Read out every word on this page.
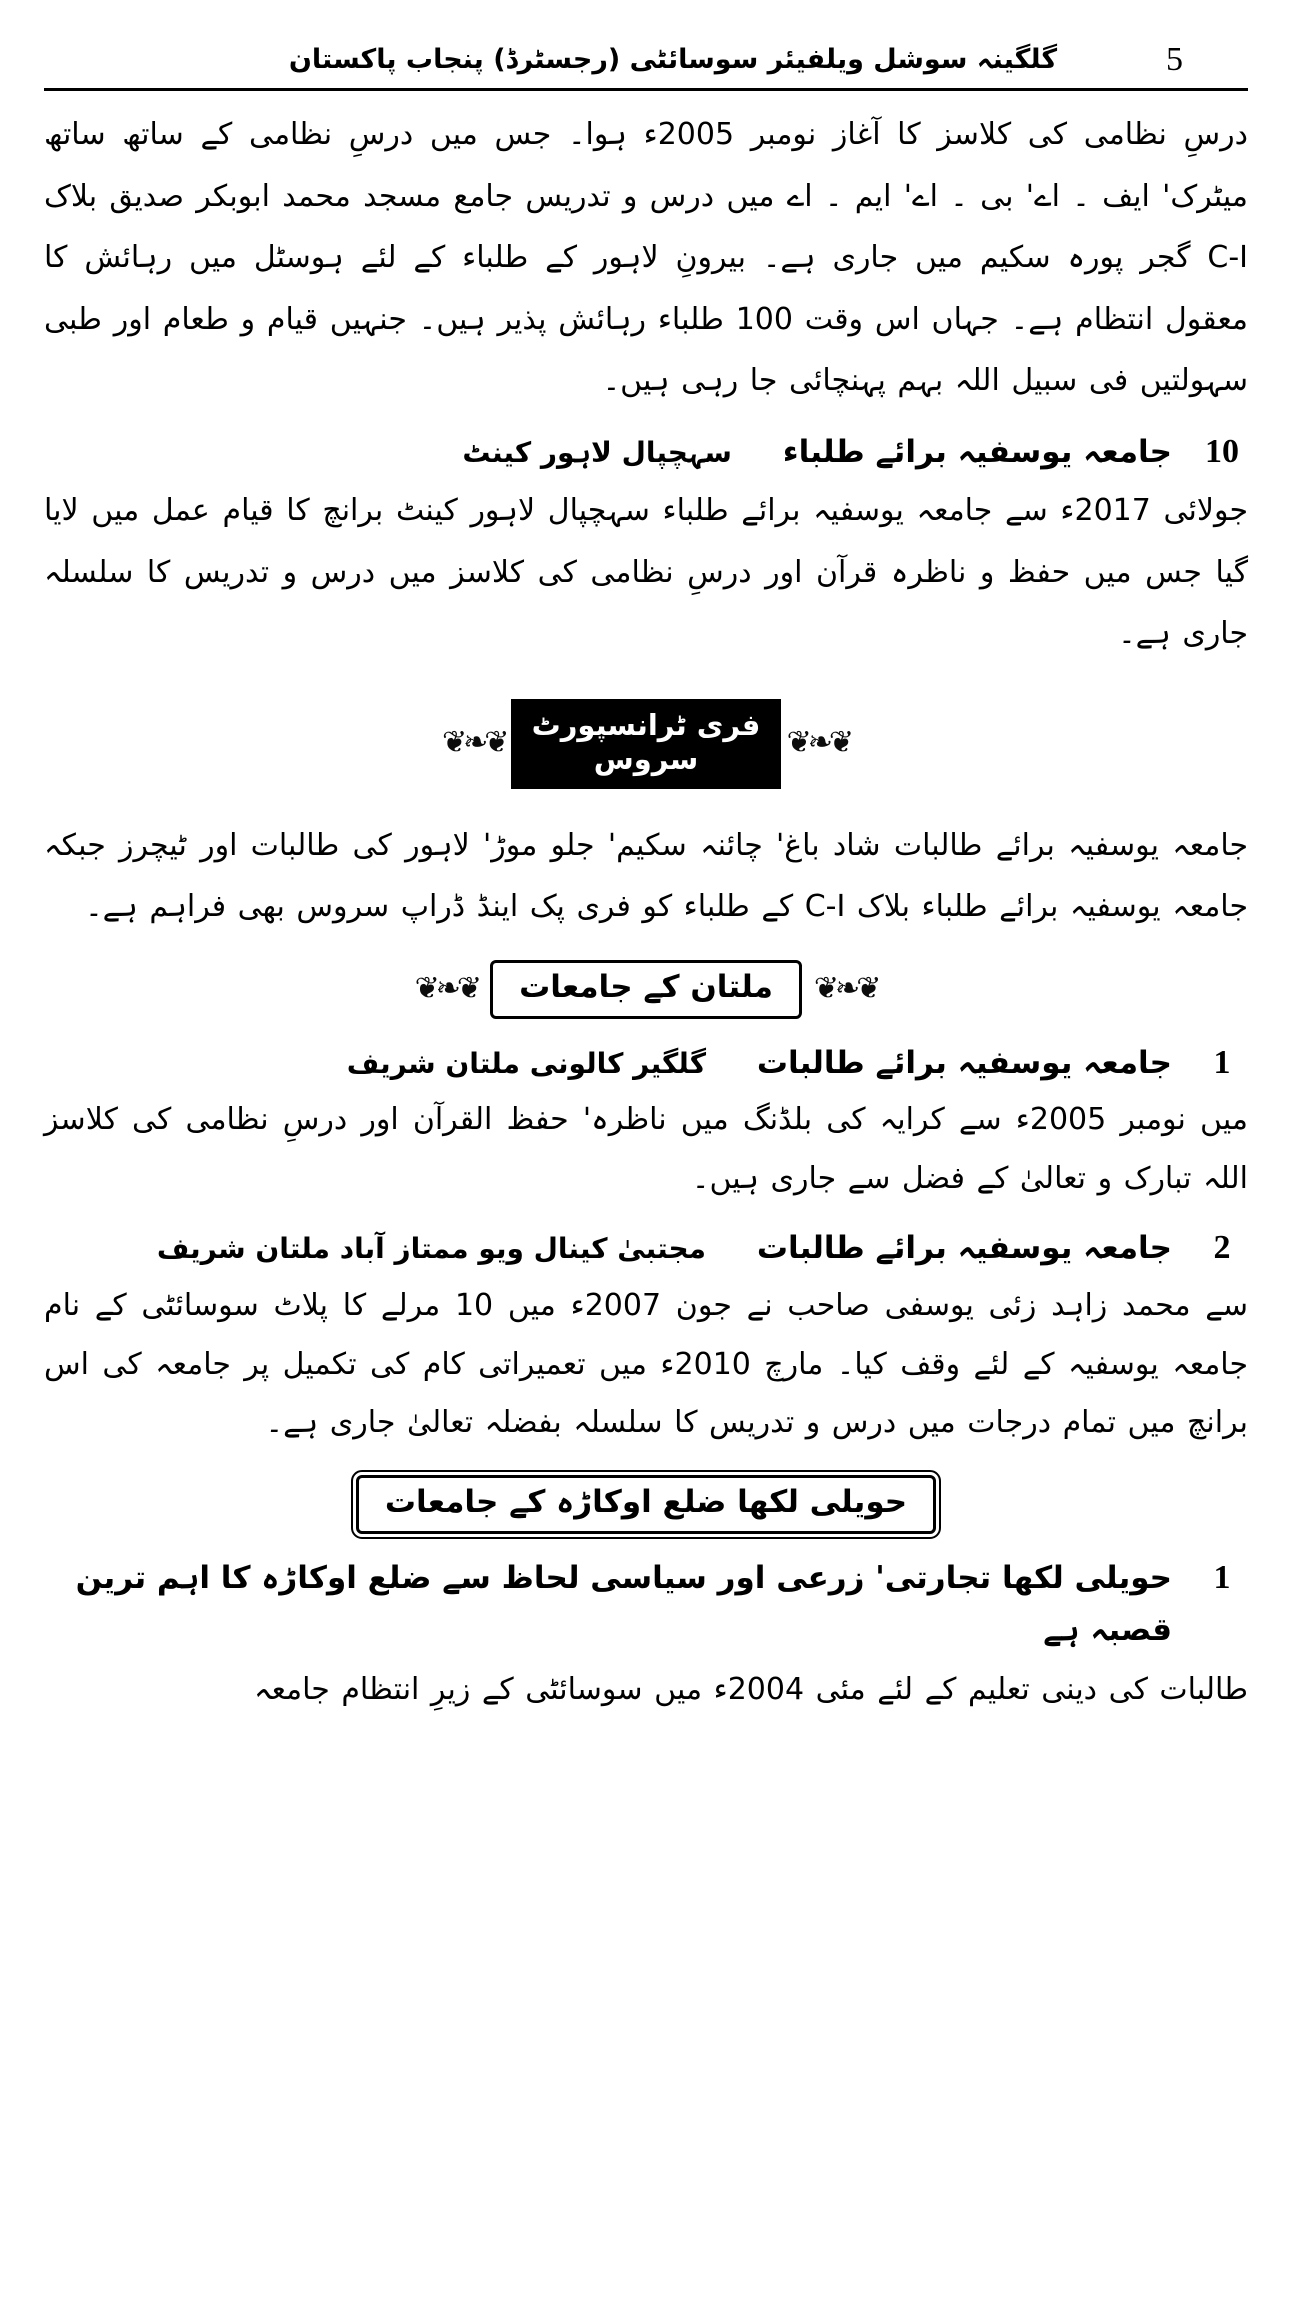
5
گلگینہ سوشل ویلفیئر سوسائٹی (رجسٹرڈ) پنجاب پاکستان

درسِ نظامی کی کلاسز کا آغاز نومبر 2005ء ہوا۔ جس میں درسِ نظامی کے ساتھ ساتھ میٹرک' ایف ۔ اے' بی ۔ اے' ایم ۔ اے میں درس و تدریس جامع مسجد محمد ابوبکر صدیق بلاک C-I گجر پورہ سکیم میں جاری ہے۔ بیرونِ لاہور کے طلباء کے لئے ہوسٹل میں رہائش کا معقول انتظام ہے۔ جہاں اس وقت 100 طلباء رہائش پذیر ہیں۔ جنہیں قیام و طعام اور طبی سہولتیں فی سبیل اللہ بہم پہنچائی جا رہی ہیں۔

10
جامعہ یوسفیہ برائے طلباء سہچپال لاہور کینٹ

جولائی 2017ء سے جامعہ یوسفیہ برائے طلباء سہچپال لاہور کینٹ برانچ کا قیام عمل میں لایا گیا جس میں حفظ و ناظرہ قرآن اور درسِ نظامی کی کلاسز میں درس و تدریس کا سلسلہ جاری ہے۔

❦❧❦
فری ٹرانسپورٹ سروس
❦❧❦

جامعہ یوسفیہ برائے طالبات شاد باغ' چائنہ سکیم' جلو موڑ' لاہور کی طالبات اور ٹیچرز جبکہ جامعہ یوسفیہ برائے طلباء بلاک C-I کے طلباء کو فری پک اینڈ ڈراپ سروس بھی فراہم ہے۔

❦❧❦
ملتان کے جامعات
❦❧❦
1
جامعہ یوسفیہ برائے طالبات گلگیر کالونی ملتان شریف

میں نومبر 2005ء سے کرایہ کی بلڈنگ میں ناظرہ' حفظ القرآن اور درسِ نظامی کی کلاسز اللہ تبارک و تعالیٰ کے فضل سے جاری ہیں۔

2
جامعہ یوسفیہ برائے طالبات مجتبیٰ کینال ویو ممتاز آباد ملتان شریف

سے محمد زاہد زئی یوسفی صاحب نے جون 2007ء میں 10 مرلے کا پلاٹ سوسائٹی کے نام جامعہ یوسفیہ کے لئے وقف کیا۔ مارچ 2010ء میں تعمیراتی کام کی تکمیل پر جامعہ کی اس برانچ میں تمام درجات میں درس و تدریس کا سلسلہ بفضلہ تعالیٰ جاری ہے۔

حویلی لکھا ضلع اوکاڑہ کے جامعات
1
حویلی لکھا تجارتی' زرعی اور سیاسی لحاظ سے ضلع اوکاڑہ کا اہم ترین قصبہ ہے

طالبات کی دینی تعلیم کے لئے مئی 2004ء میں سوسائٹی کے زیرِ انتظام جامعہ
